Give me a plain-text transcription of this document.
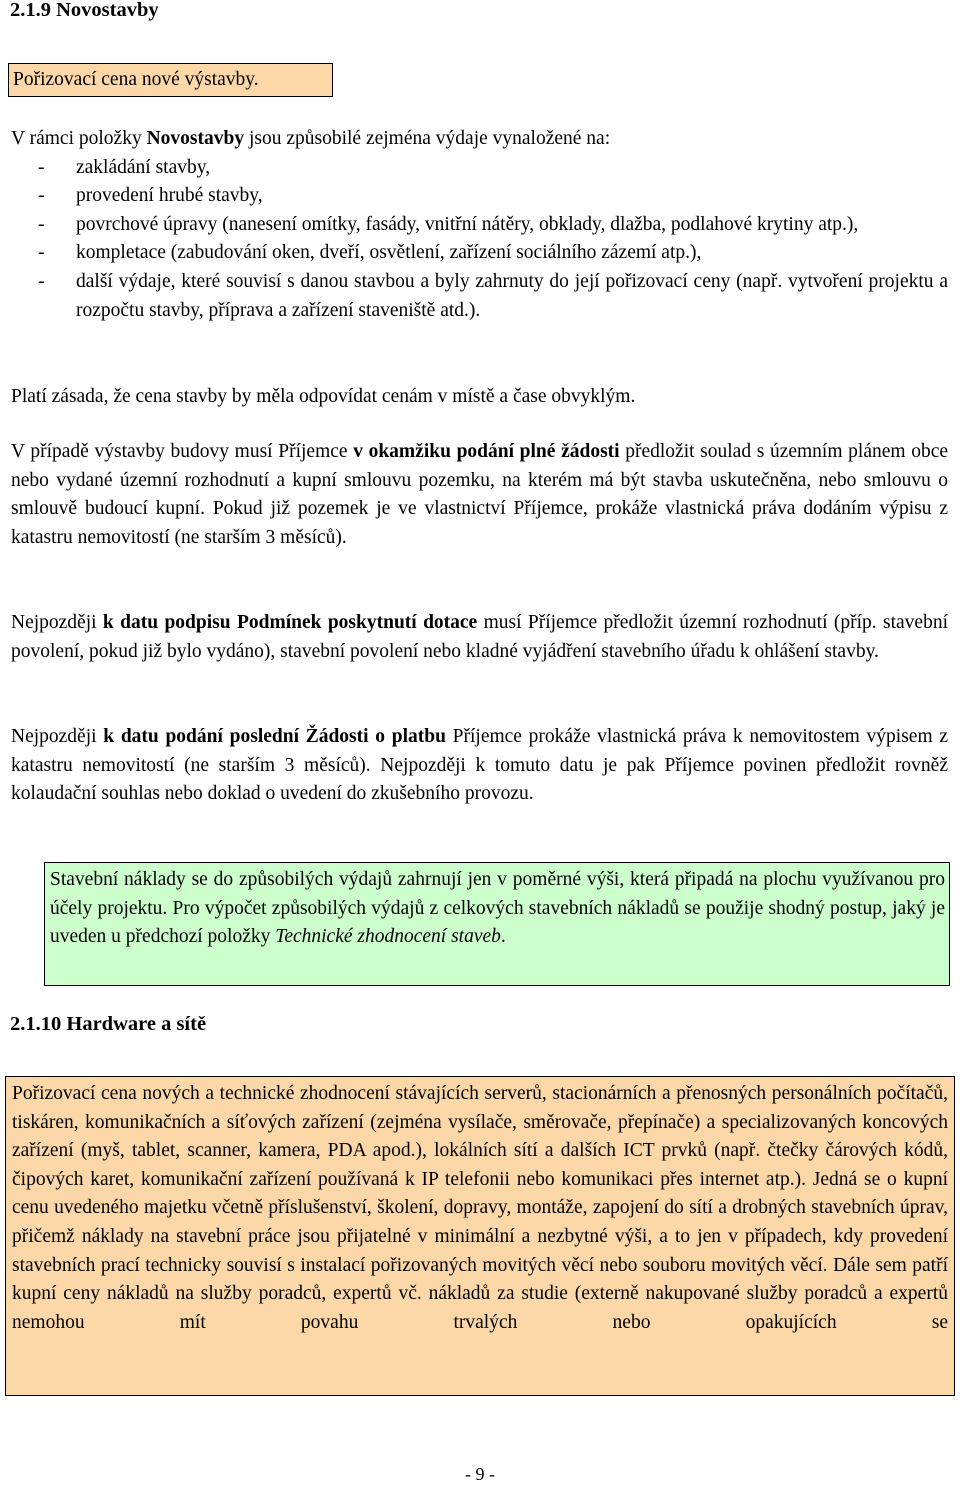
2.1.9 Novostavby
Pořizovací cena nové výstavby.

V rámci položky Novostavby jsou způsobilé zejména výdaje vynaložené na:

- zakládání stavby,
- provedení hrubé stavby,
- povrchové úpravy (nanesení omítky, fasády, vnitřní nátěry, obklady, dlažba, podlahové krytiny atp.),
- kompletace (zabudování oken, dveří, osvětlení, zařízení sociálního zázemí atp.),
- další výdaje, které souvisí s danou stavbou a byly zahrnuty do její pořizovací ceny (např. vytvoření projektu a rozpočtu stavby, příprava a zařízení staveniště atd.).

Platí zásada, že cena stavby by měla odpovídat cenám v místě a čase obvyklým.

V případě výstavby budovy musí Příjemce v okamžiku podání plné žádosti předložit soulad s územním plánem obce nebo vydané územní rozhodnutí a kupní smlouvu pozemku, na kterém má být stavba uskutečněna, nebo smlouvu o smlouvě budoucí kupní. Pokud již pozemek je ve vlastnictví Příjemce, prokáže vlastnická práva dodáním výpisu z katastru nemovitostí (ne starším 3 měsíců).

Nejpozději k datu podpisu Podmínek poskytnutí dotace musí Příjemce předložit územní rozhodnutí (příp. stavební povolení, pokud již bylo vydáno), stavební povolení nebo kladné vyjádření stavebního úřadu k ohlášení stavby.

Nejpozději k datu podání poslední Žádosti o platbu Příjemce prokáže vlastnická práva k nemovitostem výpisem z katastru nemovitostí (ne starším 3 měsíců). Nejpozději k tomuto datu je pak Příjemce povinen předložit rovněž kolaudační souhlas nebo doklad o uvedení do zkušebního provozu.

Stavební náklady se do způsobilých výdajů zahrnují jen v poměrné výši, která připadá na plochu využívanou pro účely projektu. Pro výpočet způsobilých výdajů z celkových stavebních nákladů se použije shodný postup, jaký je uveden u předchozí položky Technické zhodnocení staveb.

2.1.10 Hardware a sítě

Pořizovací cena nových a technické zhodnocení stávajících serverů, stacionárních a přenosných personálních počítačů, tiskáren, komunikačních a síťových zařízení (zejména vysílače, směrovače, přepínače) a specializovaných koncových zařízení (myš, tablet, scanner, kamera, PDA apod.), lokálních sítí a dalších ICT prvků (např. čtečky čárových kódů, čipových karet, komunikační zařízení používaná k IP telefonii nebo komunikaci přes internet atp.). Jedná se o kupní cenu uvedeného majetku včetně příslušenství, školení, dopravy, montáže, zapojení do sítí a drobných stavebních úprav, přičemž náklady na stavební práce jsou přijatelné v minimální a nezbytné výši, a to jen v případech, kdy provedení stavebních prací technicky souvisí s instalací pořizovaných movitých věcí nebo souboru movitých věcí. Dále sem patří kupní ceny nákladů na služby poradců, expertů vč. nákladů za studie (externě nakupované služby poradců a expertů nemohou mít povahu trvalých nebo opakujících se

- 9 -
